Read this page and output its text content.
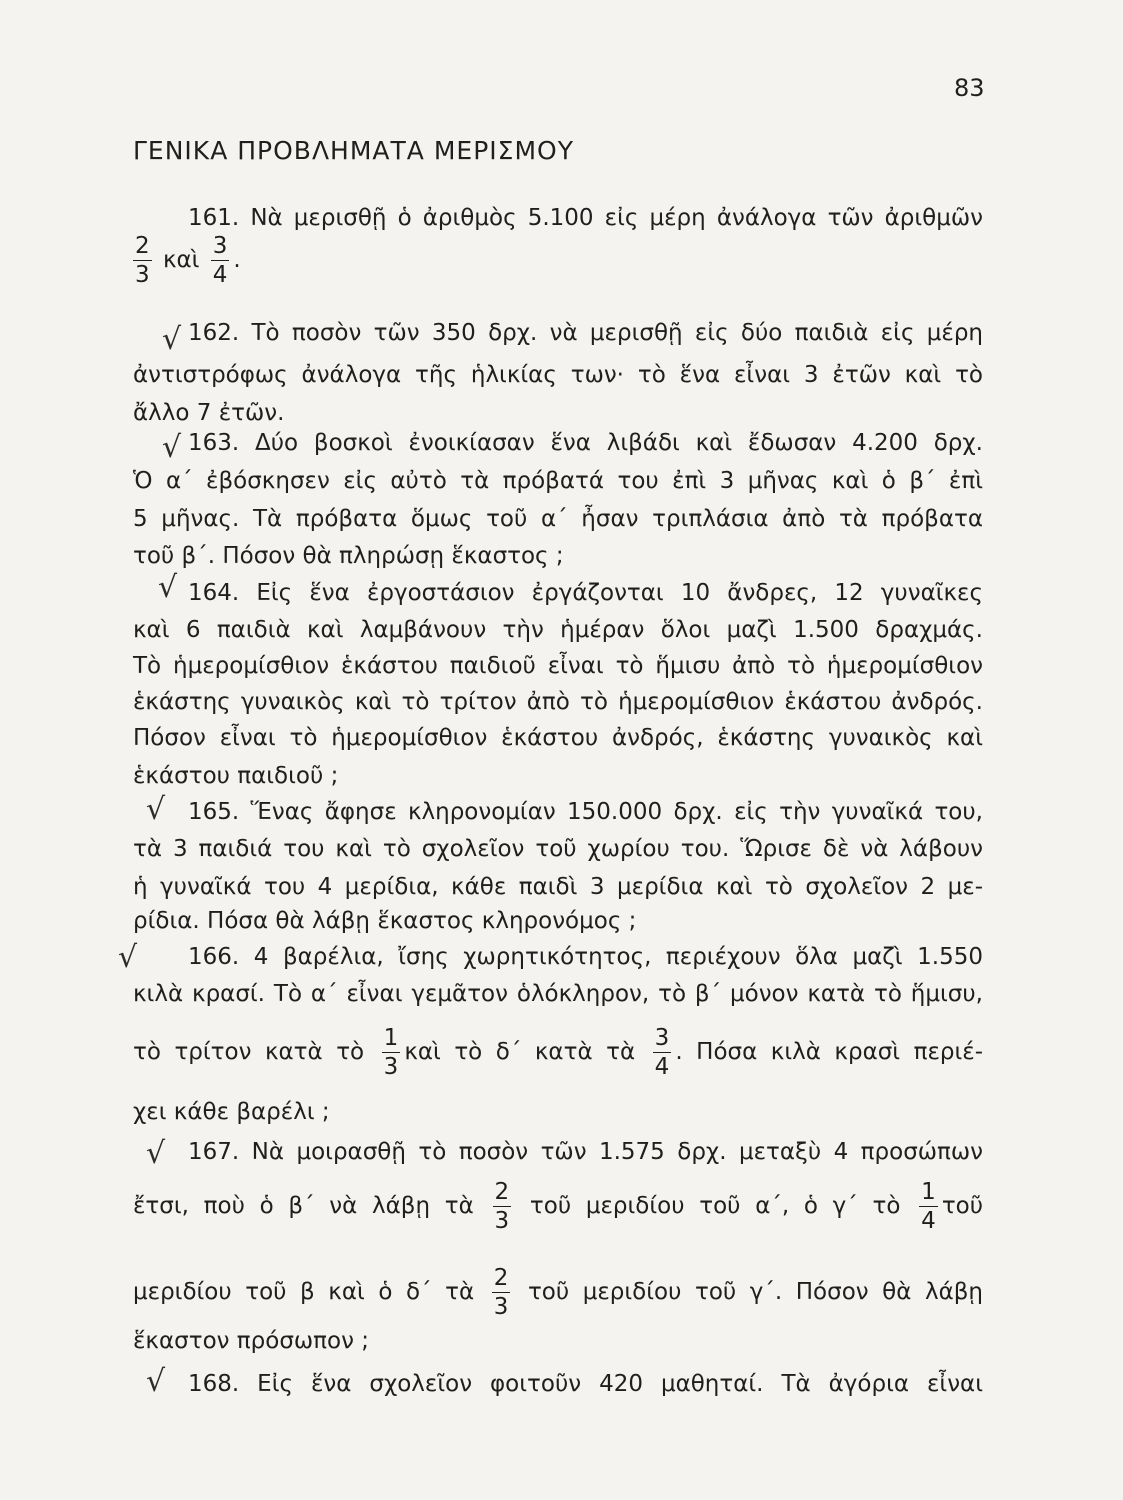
83
ΓΕΝΙΚΑ ΠΡΟΒΛΗΜΑΤΑ ΜΕΡΙΣΜΟΥ
161. Νὰ μερισθῇ ὁ ἀριθμὸς 5.100 εἰς μέρη ἀνάλογα τῶν ἀριθμῶν
$\frac{2}{3}$ καὶ $\frac{3}{4}$ .
√ 162. Τὸ ποσὸν τῶν 350 δρχ. νὰ μερισθῇ εἰς δύο παιδιὰ εἰς μέρη
ἀντιστρόφως ἀνάλογα τῆς ἡλικίας των· τὸ ἕνα εἶναι 3 ἐτῶν καὶ τὸ
ἄλλο 7 ἐτῶν.
√ 163. Δύο βοσκοὶ ἐνοικίασαν ἕνα λιβάδι καὶ ἔδωσαν 4.200 δρχ.
Ὁ α΄ ἐβόσκησεν εἰς αὐτὸ τὰ πρόβατά του ἐπὶ 3 μῆνας καὶ ὁ β΄ ἐπὶ
5 μῆνας. Τὰ πρόβατα ὅμως τοῦ α΄ ἦσαν τριπλάσια ἀπὸ τὰ πρόβατα
τοῦ β΄. Πόσον θὰ πληρώσῃ ἕκαστος ;
√ 164. Εἰς ἕνα ἐργοστάσιον ἐργάζονται 10 ἄνδρες, 12 γυναῖκες
καὶ 6 παιδιὰ καὶ λαμβάνουν τὴν ἡμέραν ὅλοι μαζὶ 1.500 δραχμάς.
Τὸ ἡμερομίσθιον ἑκάστου παιδιοῦ εἶναι τὸ ἥμισυ ἀπὸ τὸ ἡμερομίσθιον
ἑκάστης γυναικὸς καὶ τὸ τρίτον ἀπὸ τὸ ἡμερομίσθιον ἑκάστου ἀνδρός.
Πόσον εἶναι τὸ ἡμερομίσθιον ἑκάστου ἀνδρός, ἑκάστης γυναικὸς καὶ
ἑκάστου παιδιοῦ ;
√ 165. Ἕνας ἄφησε κληρονομίαν 150.000 δρχ. εἰς τὴν γυναῖκά του,
τὰ 3 παιδιά του καὶ τὸ σχολεῖον τοῦ χωρίου του. Ὥρισε δὲ νὰ λάβουν
ἡ γυναῖκά του 4 μερίδια, κάθε παιδὶ 3 μερίδια καὶ τὸ σχολεῖον 2 με-
ρίδια. Πόσα θὰ λάβῃ ἕκαστος κληρονόμος ;
√ 166. 4 βαρέλια, ἴσης χωρητικότητος, περιέχουν ὅλα μαζὶ 1.550
κιλὰ κρασί. Τὸ α΄ εἶναι γεμᾶτον ὁλόκληρον, τὸ β΄ μόνον κατὰ τὸ ἥμισυ,
τὸ τρίτον κατὰ τὸ $\frac{1}{3}$ καὶ τὸ δ΄ κατὰ τὰ $\frac{3}{4}$ . Πόσα κιλὰ κρασὶ περιέ-
χει κάθε βαρέλι ;
√ 167. Νὰ μοιρασθῇ τὸ ποσὸν τῶν 1.575 δρχ. μεταξὺ 4 προσώπων
ἔτσι, ποὺ ὁ β΄ νὰ λάβῃ τὰ $\frac{2}{3}$ τοῦ μεριδίου τοῦ α΄, ὁ γ΄ τὸ $\frac{1}{4}$ τοῦ
μεριδίου τοῦ β καὶ ὁ δ΄ τὰ $\frac{2}{3}$ τοῦ μεριδίου τοῦ γ΄. Πόσον θὰ λάβῃ
ἕκαστον πρόσωπον ;
√ 168. Εἰς ἕνα σχολεῖον φοιτοῦν 420 μαθηταί. Τὰ ἀγόρια εἶναι
